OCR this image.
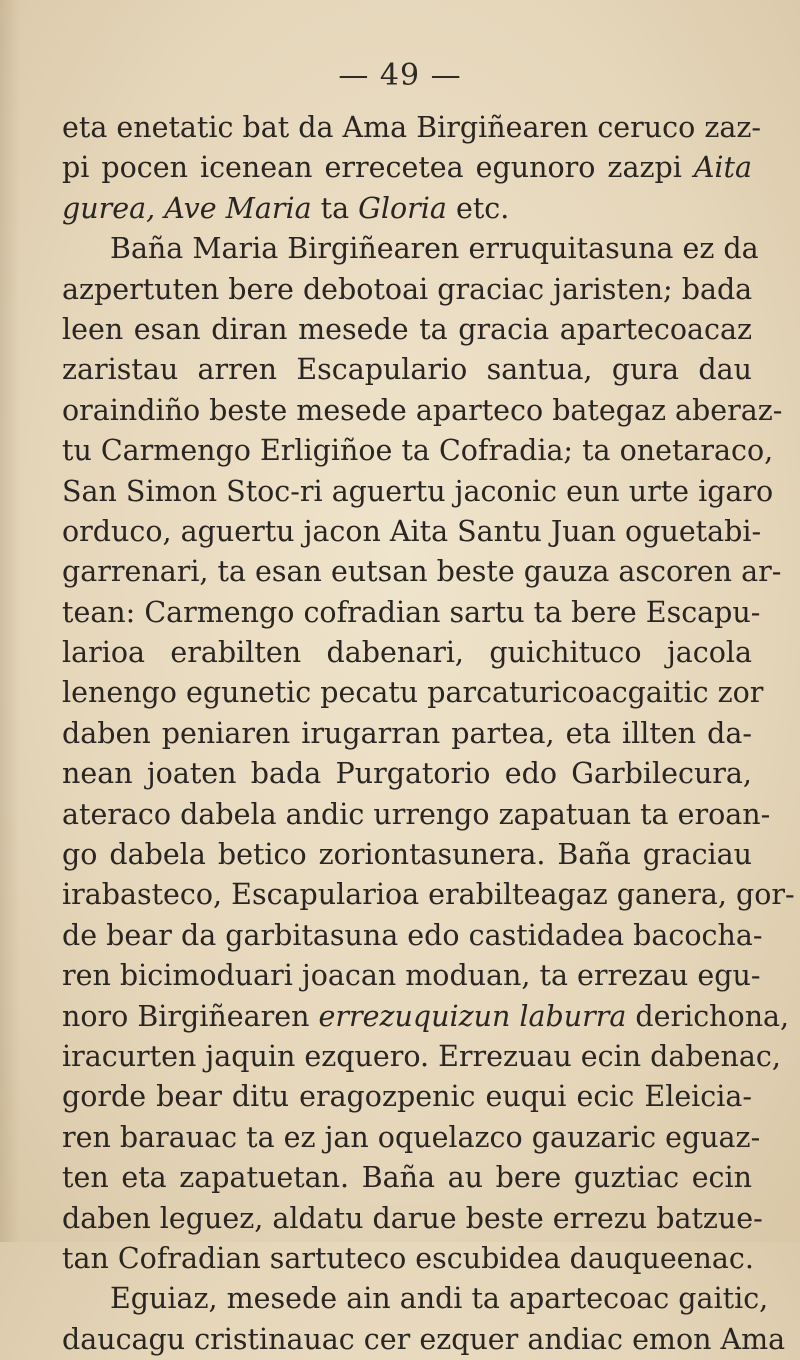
— 49 —
eta enetatic bat da Ama Birgiñearen ceruco zaz-
pi pocen icenean errecetea egunoro zazpi Aita
gurea, Ave Maria ta Gloria etc.
Baña Maria Birgiñearen erruquitasuna ez da
azpertuten bere debotoai graciac jaristen; bada
leen esan diran mesede ta gracia apartecoacaz
zaristau arren Escapulario santua, gura dau
oraindiño beste mesede aparteco bategaz aberaz-
tu Carmengo Erligiñoe ta Cofradia; ta onetaraco,
San Simon Stoc-ri aguertu jaconic eun urte igaro
orduco, aguertu jacon Aita Santu Juan oguetabi-
garrenari, ta esan eutsan beste gauza ascoren ar-
tean: Carmengo cofradian sartu ta bere Escapu-
larioa erabilten dabenari, guichituco jacola
lenengo egunetic pecatu parcaturicoacgaitic zor
daben peniaren irugarran partea, eta illten da-
nean joaten bada Purgatorio edo Garbilecura,
ateraco dabela andic urrengo zapatuan ta eroan-
go dabela betico zoriontasunera. Baña graciau
irabasteco, Escapularioa erabilteagaz ganera, gor-
de bear da garbitasuna edo castidadea bacocha-
ren bicimoduari joacan moduan, ta errezau egu-
noro Birgiñearen errezuquizun laburra derichona,
iracurten jaquin ezquero. Errezuau ecin dabenac,
gorde bear ditu eragozpenic euqui ecic Eleicia-
ren barauac ta ez jan oquelazco gauzaric eguaz-
ten eta zapatuetan. Baña au bere guztiac ecin
daben leguez, aldatu darue beste errezu batzue-
tan Cofradian sartuteco escubidea dauqueenac.
Eguiaz, mesede ain andi ta apartecoac gaitic,
daucagu cristinauac cer ezquer andiac emon Ama
